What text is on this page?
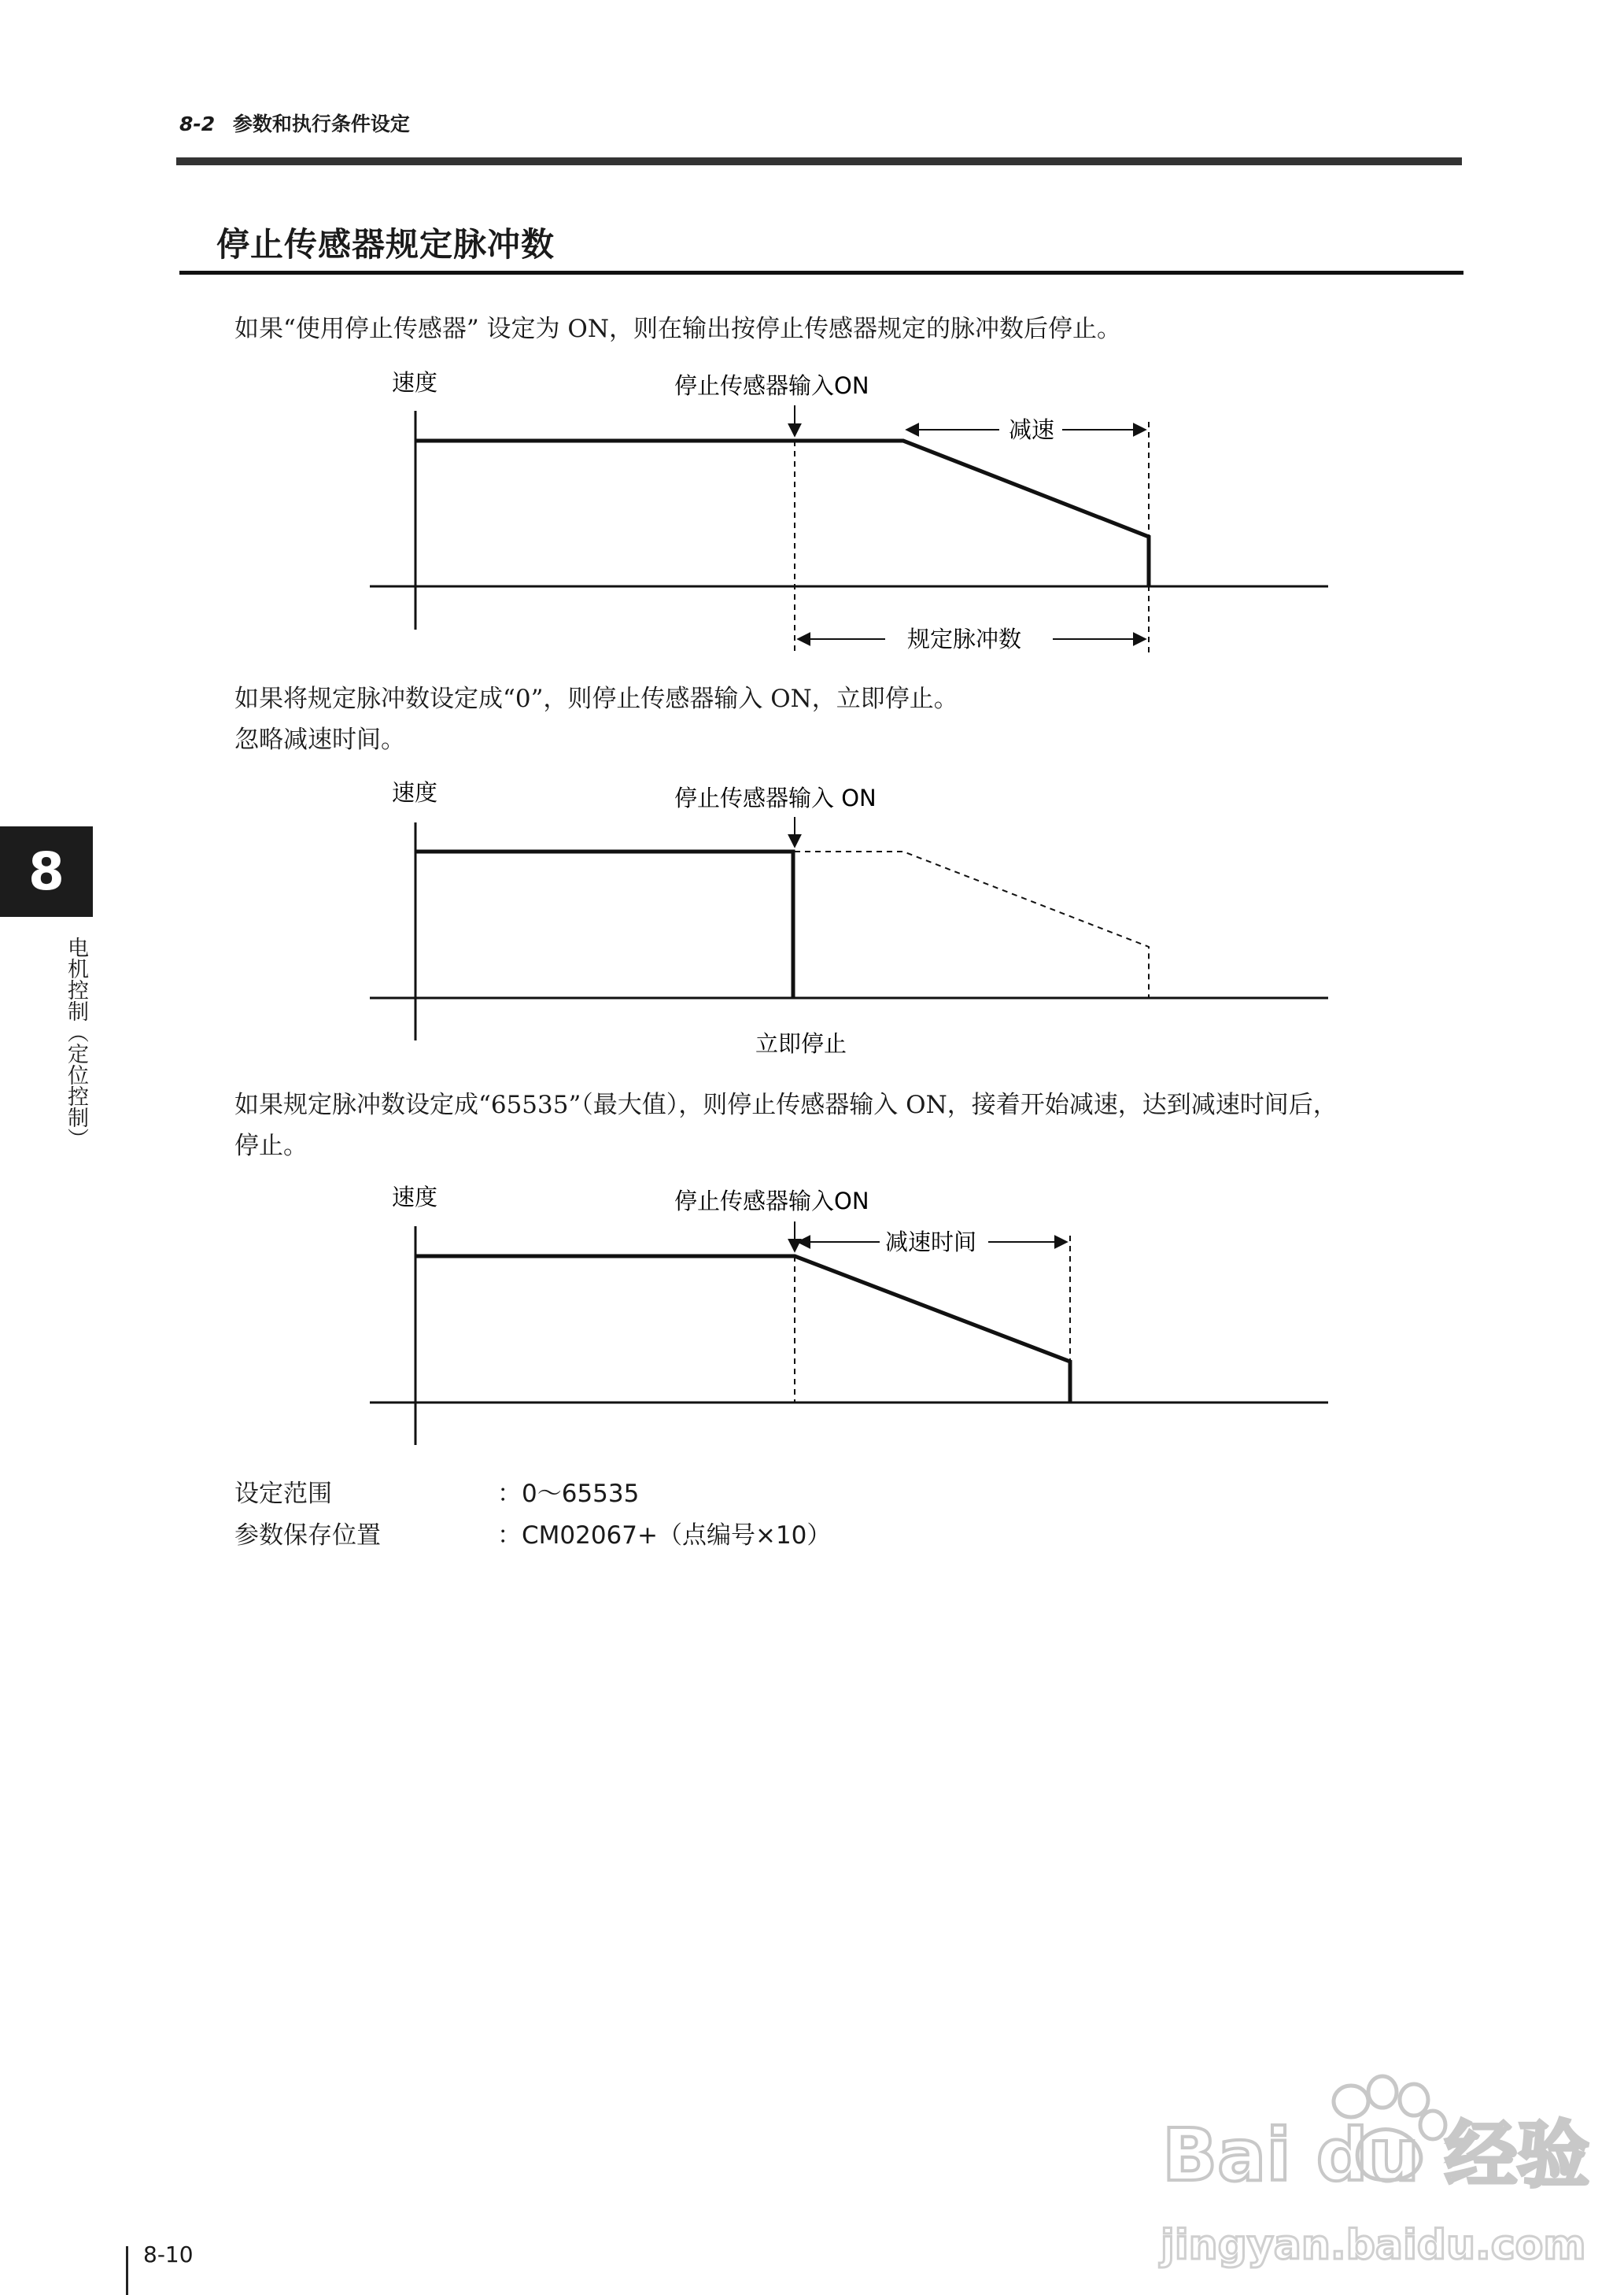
8-2 参数和执行条件设定
停止传感器规定脉冲数
如果“使用停止传感器” 设定为 ON，则在输出按停止传感器规定的脉冲数后停止。
速度	停止传感器输入ON
减速
规定脉冲数
速度	停止传感器输入 ON
立即停止
速度	停止传感器输入ON
减速时间
如果将规定脉冲数设定成“0”，则停止传感器输入 ON，立即停止。
忽略减速时间。
如果规定脉冲数设定成“65535”（最大值），则停止传感器输入 ON，接着开始减速，达到减速时间后，
停止。
设定范围	：0～65535
参数保存位置	：CM02067+（点编号×10）
8
电机控制（定位控制）
8-10
Bai du 经验
jingyan.baidu.com
